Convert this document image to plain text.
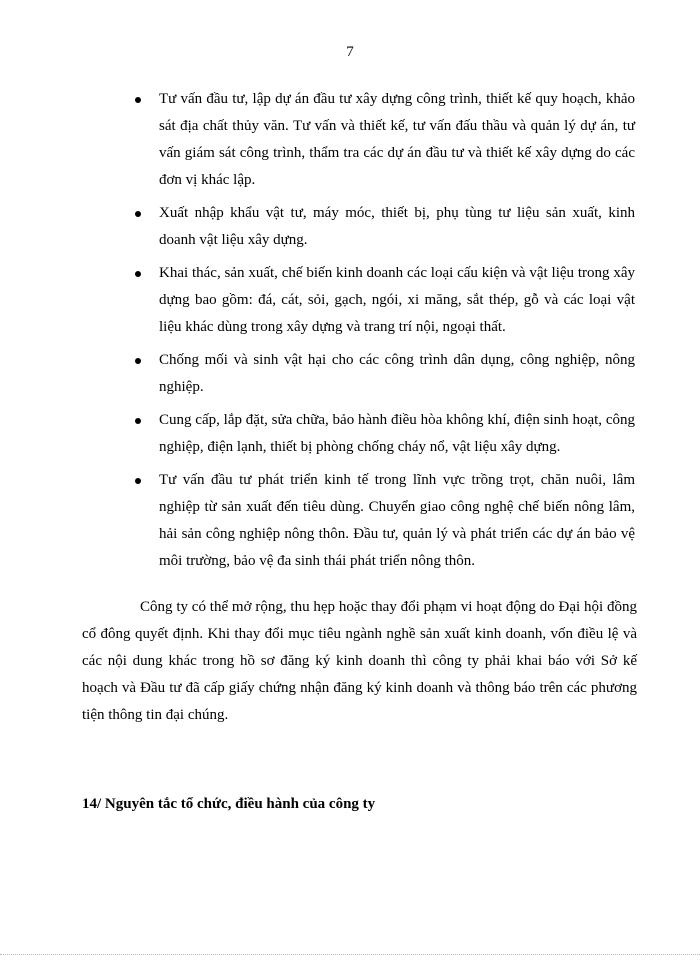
7
Tư vấn đầu tư, lập dự án đầu tư xây dựng công trình, thiết kế quy hoạch, khảo sát địa chất thủy văn. Tư vấn và thiết kế, tư vấn đấu thầu và quản lý dự án, tư vấn giám sát công trình, thẩm tra các dự án đầu tư và thiết kế xây dựng do các đơn vị khác lập.
Xuất nhập khẩu vật tư, máy móc, thiết bị, phụ tùng tư liệu sản xuất, kinh doanh vật liệu xây dựng.
Khai thác, sản xuất, chế biến kinh doanh các loại cấu kiện và vật liệu trong xây dựng bao gồm: đá, cát, sỏi, gạch, ngói, xi măng, sắt thép, gỗ và các loại vật liệu khác dùng trong xây dựng và trang trí nội, ngoại thất.
Chống mối và sinh vật hại cho các công trình dân dụng, công nghiệp, nông nghiệp.
Cung cấp, lắp đặt, sửa chữa, bảo hành điều hòa không khí, điện sinh hoạt, công nghiệp, điện lạnh, thiết bị phòng chống cháy nổ, vật liệu xây dựng.
Tư vấn đầu tư phát triển kinh tế trong lĩnh vực trồng trọt, chăn nuôi, lâm nghiệp từ sản xuất đến tiêu dùng. Chuyển giao công nghệ chế biến nông lâm, hải sản công nghiệp nông thôn. Đầu tư, quản lý và phát triển các dự án bảo vệ môi trường, bảo vệ đa sinh thái phát triển nông thôn.

Công ty có thể mở rộng, thu hẹp hoặc thay đổi phạm vi hoạt động do Đại hội đồng cổ đông quyết định. Khi thay đổi mục tiêu ngành nghề sản xuất kinh doanh, vốn điều lệ và các nội dung khác trong hồ sơ đăng ký kinh doanh thì công ty phải khai báo với Sở kế hoạch và Đầu tư đã cấp giấy chứng nhận đăng ký kinh doanh và thông báo trên các phương tiện thông tin đại chúng.

14/ Nguyên tắc tổ chức, điều hành của công ty
